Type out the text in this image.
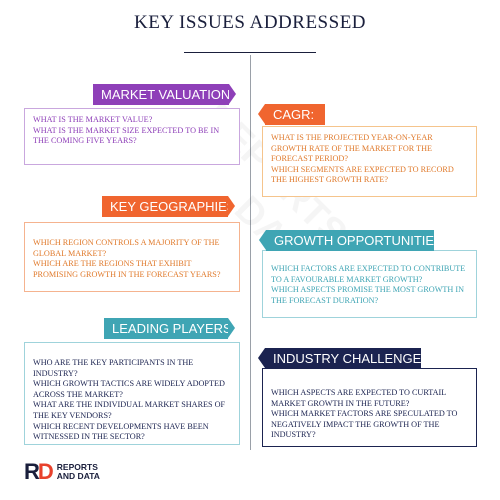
KEY ISSUES ADDRESSED

WHAT IS THE MARKET VALUE?

WHAT IS THE MARKET SIZE EXPECTED TO BE IN THE COMING FIVE YEARS?

MARKET VALUATION:

WHAT IS THE PROJECTED YEAR-ON-YEAR GROWTH RATE OF THE MARKET FOR THE FORECAST PERIOD?

WHICH SEGMENTS ARE EXPECTED TO RECORD THE HIGHEST GROWTH RATE?

CAGR:

WHICH REGION CONTROLS A MAJORITY OF THE GLOBAL MARKET?

WHICH ARE THE REGIONS THAT EXHIBIT PROMISING GROWTH IN THE FORECAST YEARS?

KEY GEOGRAPHIES:

WHICH FACTORS ARE EXPECTED TO CONTRIBUTE TO A FAVOURABLE MARKET GROWTH?

WHICH ASPECTS PROMISE THE MOST GROWTH IN THE FORECAST DURATION?

GROWTH OPPORTUNITIES:

WHO ARE THE KEY PARTICIPANTS IN THE INDUSTRY?

WHICH GROWTH TACTICS ARE WIDELY ADOPTED ACROSS THE MARKET?

WHAT ARE THE INDIVIDUAL MARKET SHARES OF THE KEY VENDORS?

WHICH RECENT DEVELOPMENTS HAVE BEEN WITNESSED IN THE SECTOR?

LEADING PLAYERS:

WHICH ASPECTS ARE EXPECTED TO CURTAIL MARKET GROWTH IN THE FUTURE?

WHICH MARKET FACTORS ARE SPECULATED TO NEGATIVELY IMPACT THE GROWTH OF THE INDUSTRY?

INDUSTRY CHALLENGES:
RD REPORTS
AND DATA
